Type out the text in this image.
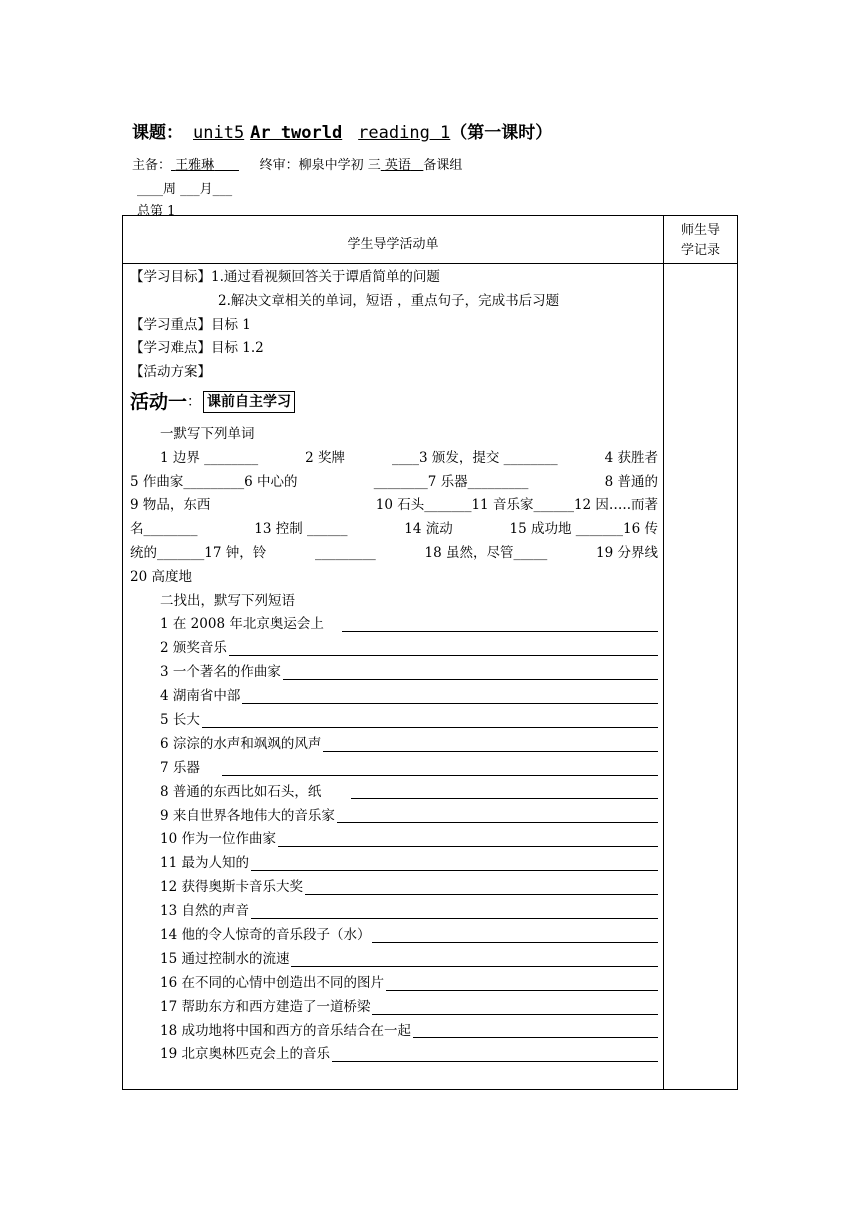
课题： unit5 Ar tworld reading 1（第一课时）
主备： 王雅琳	终审：柳泉中学初 三 英语 备课组
____周 ___月___
总第 1
学生导学活动单
师生导
学记录
【学习目标】1.通过看视频回答关于谭盾简单的问题
2.解决文章相关的单词，短语 ，重点句子，完成书后习题
【学习重点】目标 1
【学习难点】目标 1.2
【活动方案】
活动一 ： 课前自主学习
一默写下列单词
1 边界 ________	2 奖牌	____3 颁发，提交 ________	4 获胜者
5 作曲家_________6 中心的	________7 乐器_________	8 普通的
9 物品，东西	10 石头_______11 音乐家______12 因…..而著
名________	13 控制 ______	14 流动	15 成功地 _______16 传
统的_______17 钟，铃	_________	18 虽然，尽管_____	19 分界线
20 高度地
二找出，默写下列短语
1 在 2008 年北京奥运会上
2 颁奖音乐
3 一个著名的作曲家
4 湖南省中部
5 长大
6 淙淙的水声和飒飒的风声
7 乐器
8 普通的东西比如石头，纸
9 来自世界各地伟大的音乐家
10 作为一位作曲家
11 最为人知的
12 获得奥斯卡音乐大奖
13 自然的声音
14 他的令人惊奇的音乐段子（水）
15 通过控制水的流速
16 在不同的心情中创造出不同的图片
17 帮助东方和西方建造了一道桥梁
18 成功地将中国和西方的音乐结合在一起
19 北京奥林匹克会上的音乐
